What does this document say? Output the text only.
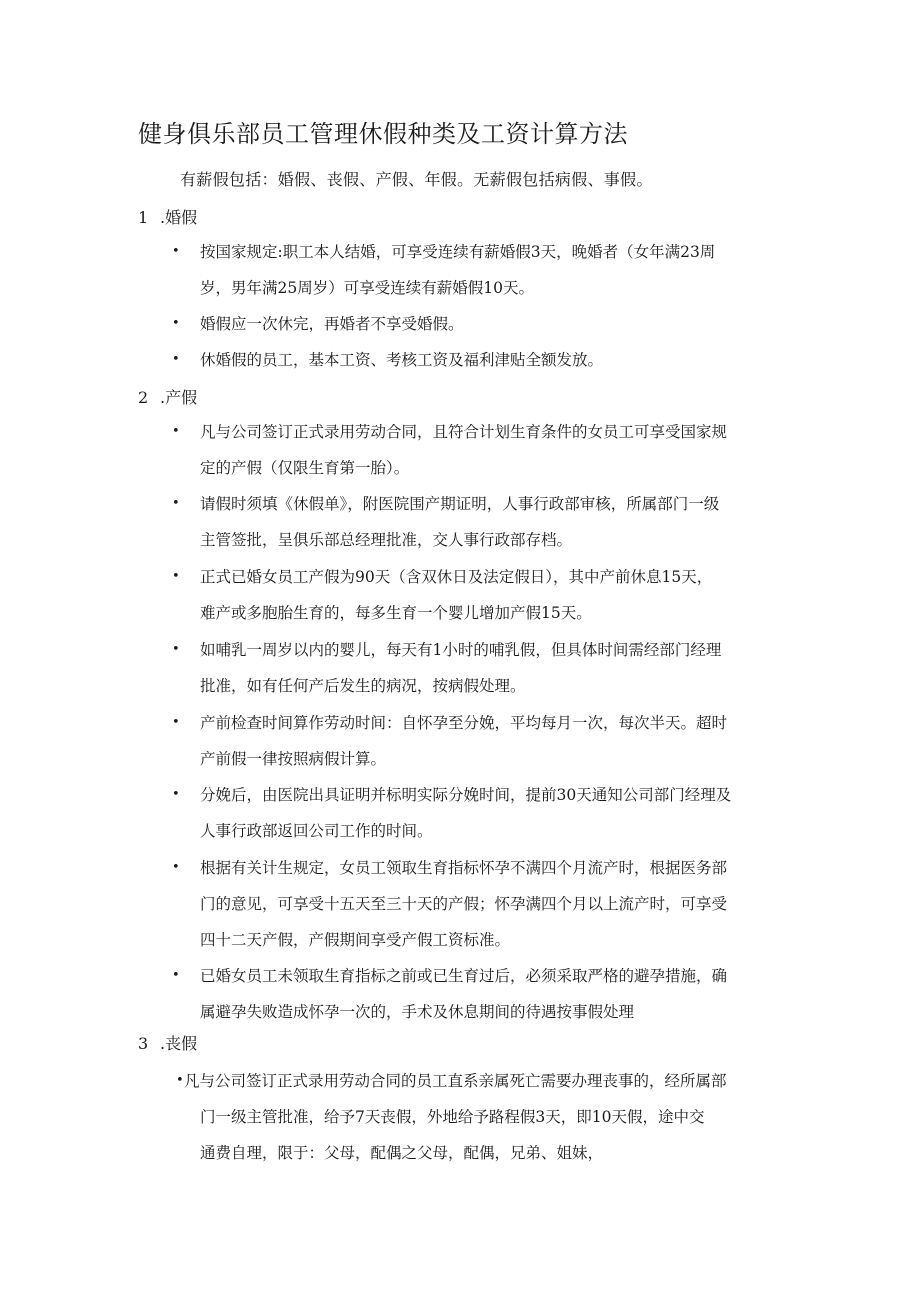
健身俱乐部员工管理休假种类及工资计算方法
有薪假包括：婚假、丧假、产假、年假。无薪假包括病假、事假。
1 .婚假
• 按国家规定:职工本人结婚，可享受连续有薪婚假3天，晚婚者（女年满23周

岁，男年满25周岁）可享受连续有薪婚假10天。

• 婚假应一次休完，再婚者不享受婚假。

• 休婚假的员工，基本工资、考核工资及福利津贴全额发放。

2 .产假
• 凡与公司签订正式录用劳动合同，且符合计划生育条件的女员工可享受国家规

定的产假（仅限生育第一胎）。

• 请假时须填《休假单》，附医院围产期证明，人事行政部审核，所属部门一级

主管签批，呈俱乐部总经理批准，交人事行政部存档。

• 正式已婚女员工产假为90天（含双休日及法定假日），其中产前休息15天，

难产或多胞胎生育的，每多生育一个婴儿增加产假15天。

• 如哺乳一周岁以内的婴儿，每天有1小时的哺乳假，但具体时间需经部门经理

批准，如有任何产后发生的病况，按病假处理。

• 产前检查时间算作劳动时间：自怀孕至分娩，平均每月一次，每次半天。超时

产前假一律按照病假计算。

• 分娩后，由医院出具证明并标明实际分娩时间，提前30天通知公司部门经理及

人事行政部返回公司工作的时间。

• 根据有关计生规定，女员工领取生育指标怀孕不满四个月流产时，根据医务部

门的意见，可享受十五天至三十天的产假；怀孕满四个月以上流产时，可享受

四十二天产假，产假期间享受产假工资标准。

• 已婚女员工未领取生育指标之前或已生育过后，必须采取严格的避孕措施，确

属避孕失败造成怀孕一次的，手术及休息期间的待遇按事假处理

3 .丧假
• 凡与公司签订正式录用劳动合同的员工直系亲属死亡需要办理丧事的，经所属部

门一级主管批准，给予7天丧假，外地给予路程假3天，即10天假，途中交

通费自理，限于：父母，配偶之父母，配偶，兄弟、姐妹，
